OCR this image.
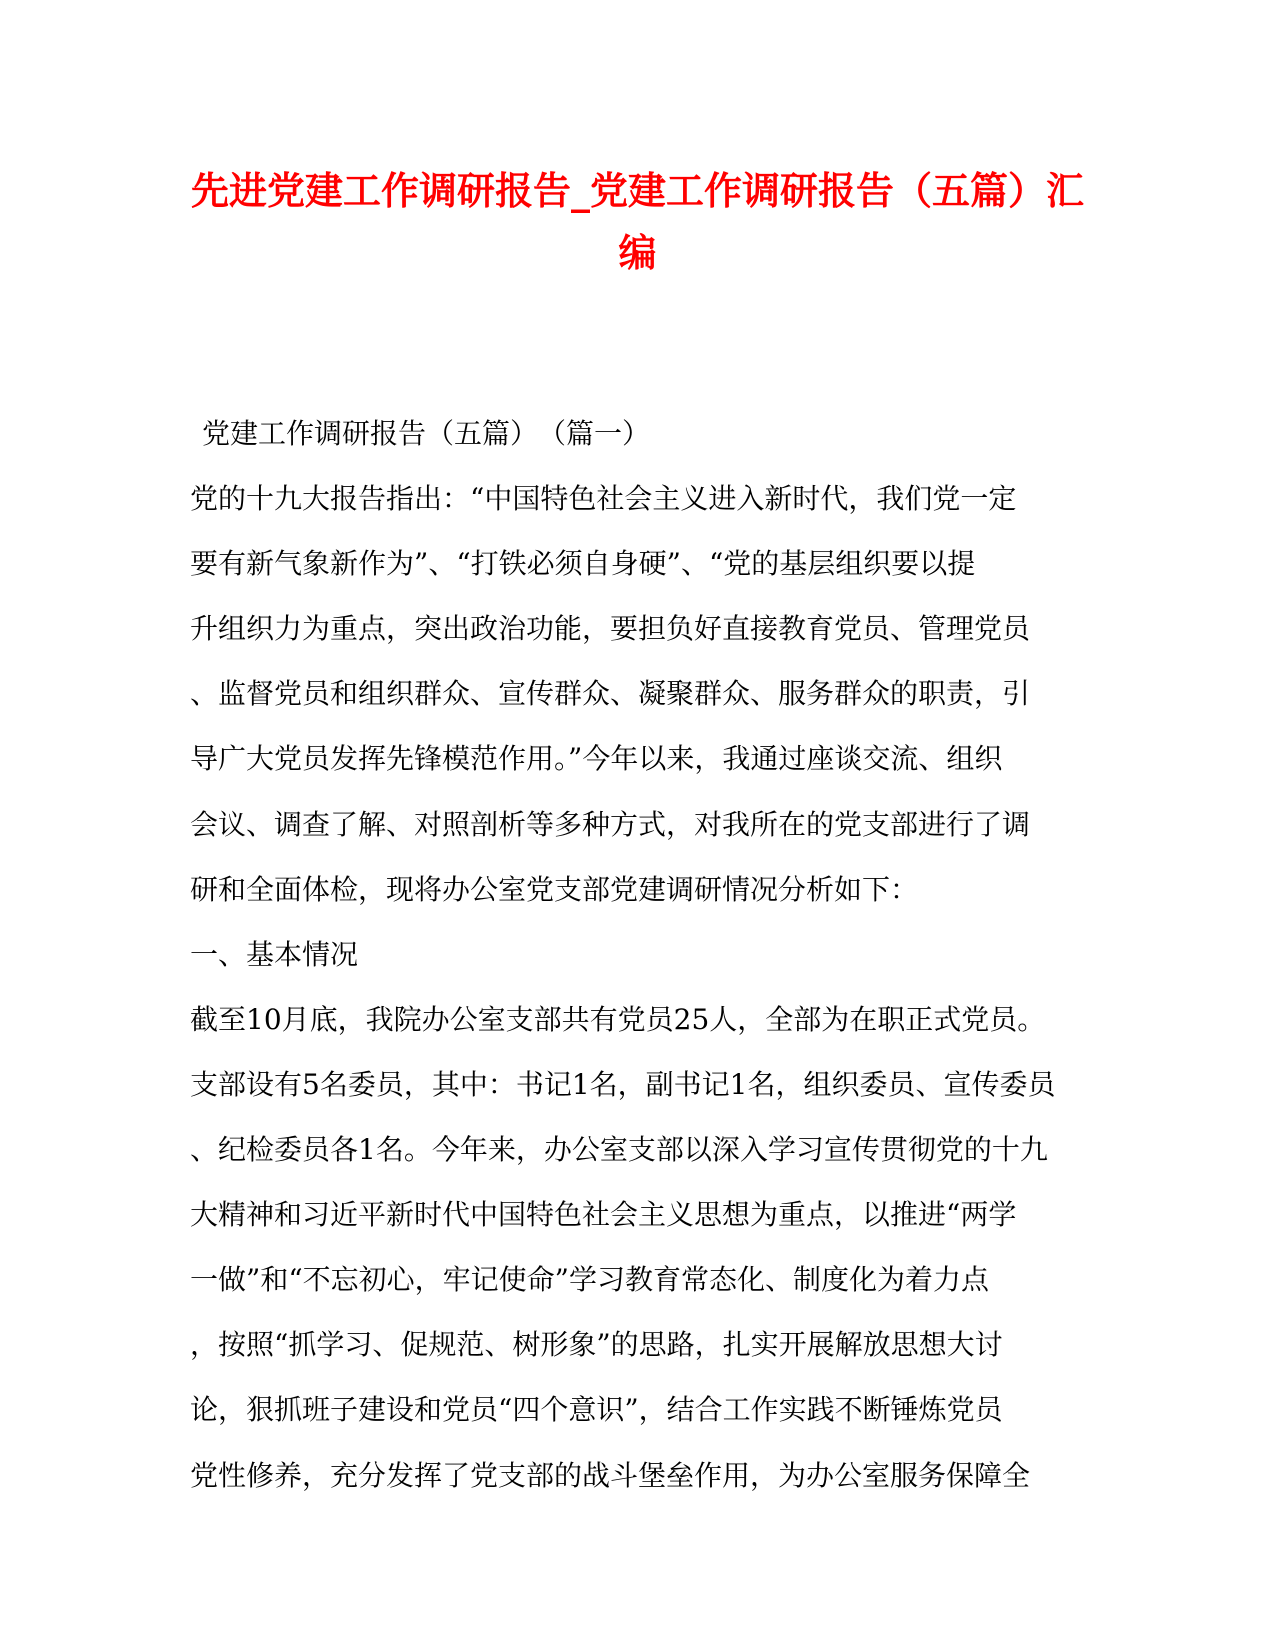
先进党建工作调研报告_党建工作调研报告（五篇）汇
编

党建工作调研报告（五篇）　（篇一）

党的十九大报告指出：“中国特色社会主义进入新时代，我们党一定

要有新气象新作为”、“打铁必须自身硬”、“党的基层组织要以提

升组织力为重点，突出政治功能，要担负好直接教育党员、管理党员

、监督党员和组织群众、宣传群众、凝聚群众、服务群众的职责，引

导广大党员发挥先锋模范作用。”今年以来，我通过座谈交流、组织

会议、调查了解、对照剖析等多种方式，对我所在的党支部进行了调

研和全面体检，现将办公室党支部党建调研情况分析如下：

一、基本情况

截至10月底，我院办公室支部共有党员25人，全部为在职正式党员。

支部设有5名委员，其中：书记1名，副书记1名，组织委员、宣传委员

、纪检委员各1名。今年来，办公室支部以深入学习宣传贯彻党的十九

大精神和习近平新时代中国特色社会主义思想为重点，以推进“两学

一做”和“不忘初心，牢记使命”学习教育常态化、制度化为着力点

，按照“抓学习、促规范、树形象”的思路，扎实开展解放思想大讨

论，狠抓班子建设和党员“四个意识”，结合工作实践不断锤炼党员

党性修养，充分发挥了党支部的战斗堡垒作用，为办公室服务保障全
